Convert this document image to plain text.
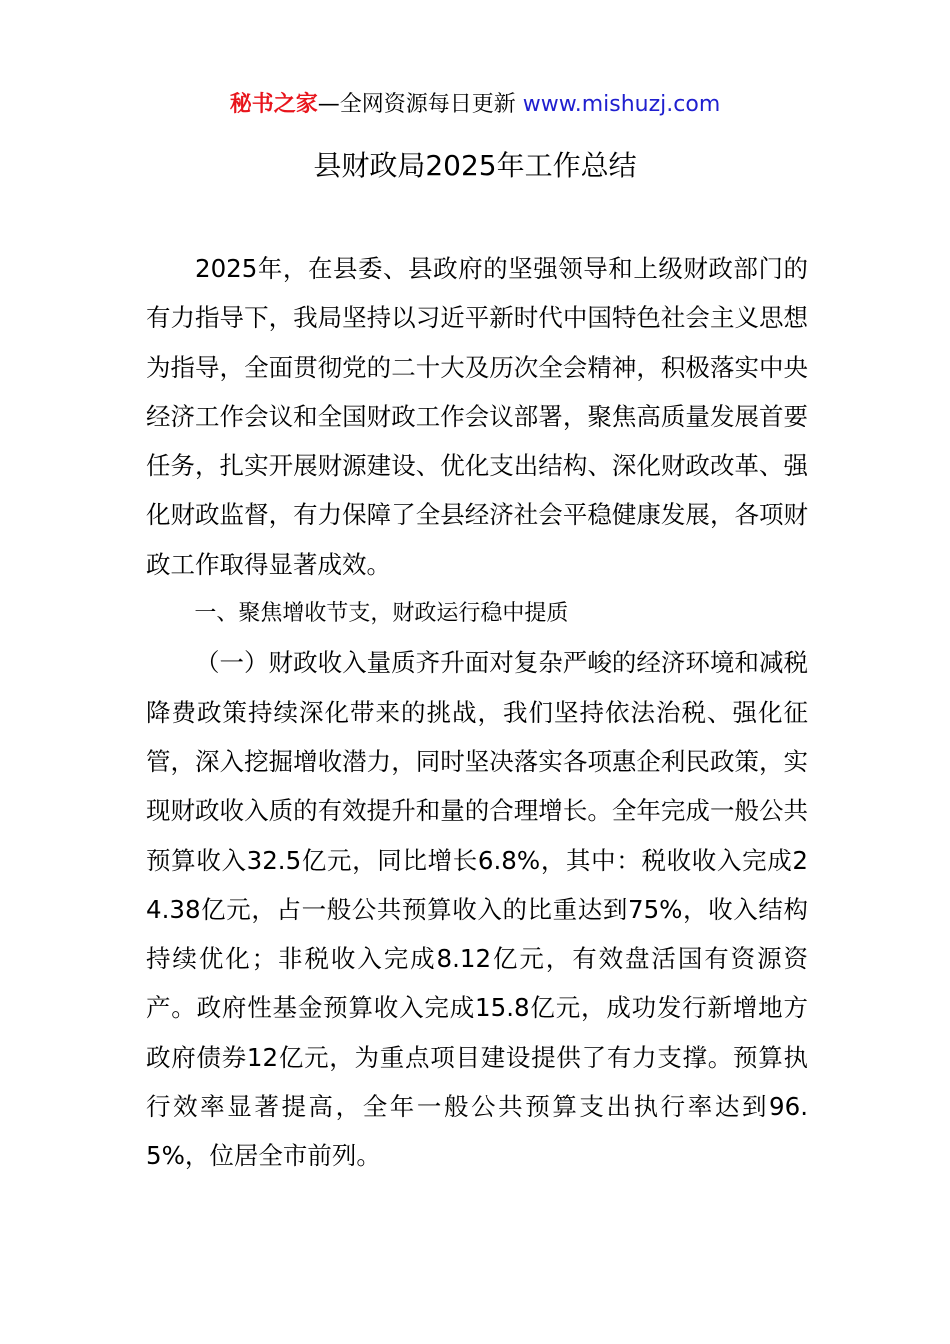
秘书之家—全网资源每日更新 www.mishuzj.com
县财政局2025年工作总结

2025年，在县委、县政府的坚强领导和上级财政部门的有力指导下，我局坚持以习近平新时代中国特色社会主义思想为指导，全面贯彻党的二十大及历次全会精神，积极落实中央经济工作会议和全国财政工作会议部署，聚焦高质量发展首要任务，扎实开展财源建设、优化支出结构、深化财政改革、强化财政监督，有力保障了全县经济社会平稳健康发展，各项财政工作取得显著成效。

一、聚焦增收节支，财政运行稳中提质

（一）财政收入量质齐升面对复杂严峻的经济环境和减税降费政策持续深化带来的挑战，我们坚持依法治税、强化征管，深入挖掘增收潜力，同时坚决落实各项惠企利民政策，实现财政收入质的有效提升和量的合理增长。全年完成一般公共预算收入32.5亿元，同比增长6.8%，其中：税收收入完成24.38亿元，占一般公共预算收入的比重达到75%，收入结构持续优化；非税收入完成8.12亿元，有效盘活国有资源资产。政府性基金预算收入完成15.8亿元，成功发行新增地方政府债券12亿元，为重点项目建设提供了有力支撑。预算执行效率显著提高，全年一般公共预算支出执行率达到96.5%，位居全市前列。
